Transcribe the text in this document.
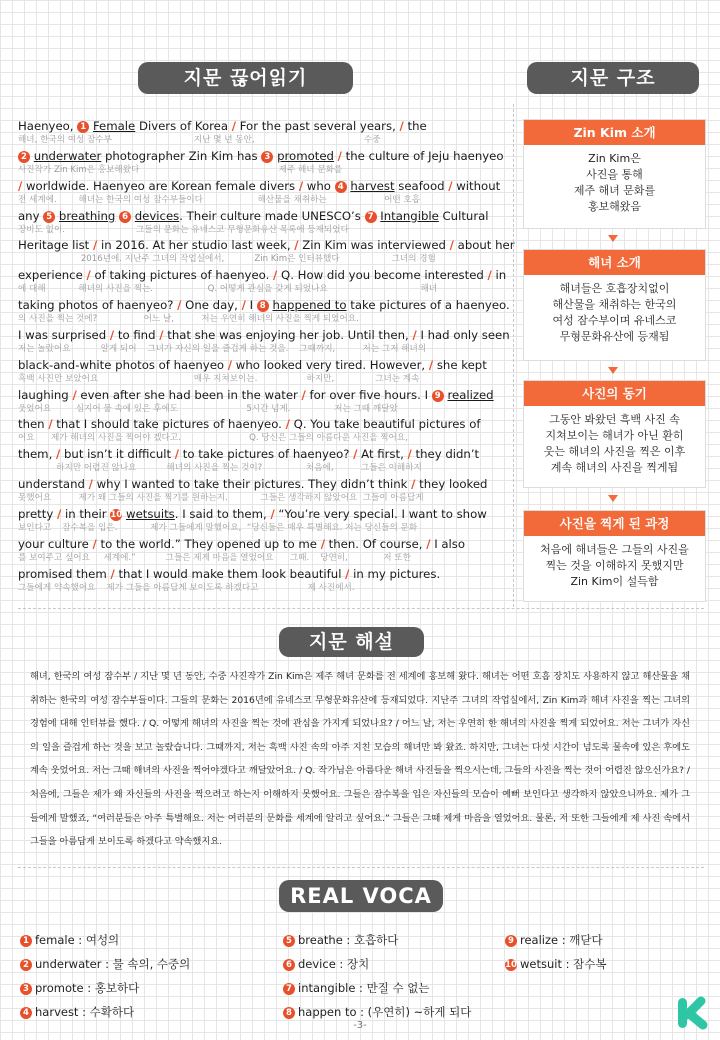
지문 끊어읽기	지문 구조
Haenyeo, 1 Female Divers of Korea / For the past several years, / the
해녀, 한국의 여성 잠수부                              지난 몇 년 동안,                                        수중
2 underwater photographer Zin Kim has 3 promoted / the culture of Jeju haenyeo
사진작가 Zin Kim은 홍보해왔다                                                   제주 해녀 문화를
/ worldwide. Haenyeo are Korean female divers / who 4 harvest seafood / without
전 세계에.        해녀는 한국의 여성 잠수부들이다                    해산물을 채취하는                     어떤 호흡
any 5 breathing 6 devices. Their culture made UNESCO’s 7 Intangible Cultural
장비도 없이.                          그들의 문화는 유네스코 무형문화유산 목록에 등재되었다
Heritage list / in 2016. At her studio last week, / Zin Kim was interviewed / about her
2016년에. 지난주 그녀의 작업실에서,           Zin Kim은 인터뷰했다                   그녀의 경험
experience / of taking pictures of haenyeo. / Q. How did you become interested / in
에 대해            해녀의 사진을 찍는.                    Q. 어떻게 관심을 갖게 되었나요                                  해녀
taking photos of haenyeo? / One day, / I 8 happened to take pictures of a haenyeo.
의 사진을 찍는 것에?                 어느 날,          저는 우연히 해녀의 사진을 찍게 되었어요.
I was surprised / to find / that she was enjoying her job. Until then, / I had only seen
저는 놀랐어요           알게 되어    그녀가 자신의 일을 즐겁게 하는 것을.    그때까지,          저는 그저 해녀의
black-and-white photos of haenyeo / who looked very tired. However, / she kept
흑백 사진만 보았어요                                   매우 지쳐보이는.                  하지만,               그녀는 계속
laughing / even after she had been in the water / for over five hours. I 9 realized
웃었어요         심지어 물 속에 있은 후에도                         5시간 넘게.                저는 그때 깨달았
then / that I should take pictures of haenyeo. / Q. You take beautiful pictures of
어요      제가 해녀의 사진을 찍어야 겠다고.                         Q. 당신은 그들의 아름다운 사진을 찍어요,
them, / but isn’t it difficult / to take pictures of haenyeo? / At first, / they didn’t
하지만 어렵진 않나요           해녀의 사진을 찍는 것이?                처음에,          그들은 이해하지
understand / why I wanted to take their pictures. They didn’t think / they looked
못했어요          제가 왜 그들의 사진을 찍기를 원하는지.            그들은 생각하지 않았어요  그들이 아름답게
pretty / in their 10 wetsuits. I said to them, / “You’re very special. I want to show
보인다고    잠수복을 입은.            제가 그들에게 말했어요,  “당신들은 매우 특별해요. 저는 당신들의 문화
your culture / to the world.” They opened up to me / then. Of course, / I also
를 보여주고 싶어요     세계에.”           그들은 제게 마음을 열었어요      그때.    당연히,             저 또한
promised them / that I would make them look beautiful / in my pictures.
그들에게 약속했어요    제가 그들을 아름답게 보이도록 하겠다고                  제 사진에서.
Zin Kim 소개
Zin Kim은
사진을 통해
제주 해녀 문화를
홍보해왔음
해녀 소개
해녀들은 호흡장치없이
해산물을 채취하는 한국의
여성 잠수부이며 유네스코
무형문화유산에 등재됨
사진의 동기
그동안 봐왔던 흑백 사진 속
지쳐보이는 해녀가 아닌 환히
웃는 해녀의 사진을 찍은 이후
계속 해녀의 사진을 찍게됨
사진을 찍게 된 과정
처음에 해녀들은 그들의 사진을
찍는 것을 이해하지 못했지만
Zin Kim이 설득함
지문 해설
해녀, 한국의 여성 잠수부 / 지난 몇 년 동안, 수중 사진작가 Zin Kim은 제주 해녀 문화를 전 세계에 홍보해 왔다. 해녀는 어떤 호흡 장치도 사용하지 않고 해산물을 채취하는 한국의 여성 잠수부들이다. 그들의 문화는 2016년에 유네스코 무형문화유산에 등재되었다. 지난주 그녀의 작업실에서, Zin Kim과 해녀 사진을 찍는 그녀의 경험에 대해 인터뷰를 했다. / Q. 어떻게 해녀의 사진을 찍는 것에 관심을 가지게 되었나요? / 어느 날, 저는 우연히 한 해녀의 사진을 찍게 되었어요. 저는 그녀가 자신의 일을 즐겁게 하는 것을 보고 놀랐습니다. 그때까지, 저는 흑백 사진 속의 아주 지친 모습의 해녀만 봐 왔죠. 하지만, 그녀는 다섯 시간이 넘도록 물속에 있은 후에도 계속 웃었어요. 저는 그때 해녀의 사진을 찍어야겠다고 깨달았어요. / Q. 작가님은 아름다운 해녀 사진들을 찍으시는데, 그들의 사진을 찍는 것이 어렵진 않으신가요? / 처음에, 그들은 제가 왜 자신들의 사진을 찍으려고 하는지 이해하지 못했어요. 그들은 잠수복을 입은 자신들의 모습이 예뻐 보인다고 생각하지 않았으니까요. 제가 그들에게 말했죠, “여러분들은 아주 특별해요. 저는 여러분의 문화를 세계에 알리고 싶어요.” 그들은 그때 제게 마음을 열었어요. 물론, 저 또한 그들에게 제 사진 속에서 그들을 아름답게 보이도록 하겠다고 약속했지요.
REAL VOCA
1 female : 여성의
2 underwater : 물 속의, 수중의
3 promote : 홍보하다
4 harvest : 수확하다
5 breathe : 호흡하다
6 device : 장치
7 intangible : 만질 수 없는
8 happen to : (우연히) ~하게 되다
9 realize : 깨닫다
10 wetsuit : 잠수복
-3-
